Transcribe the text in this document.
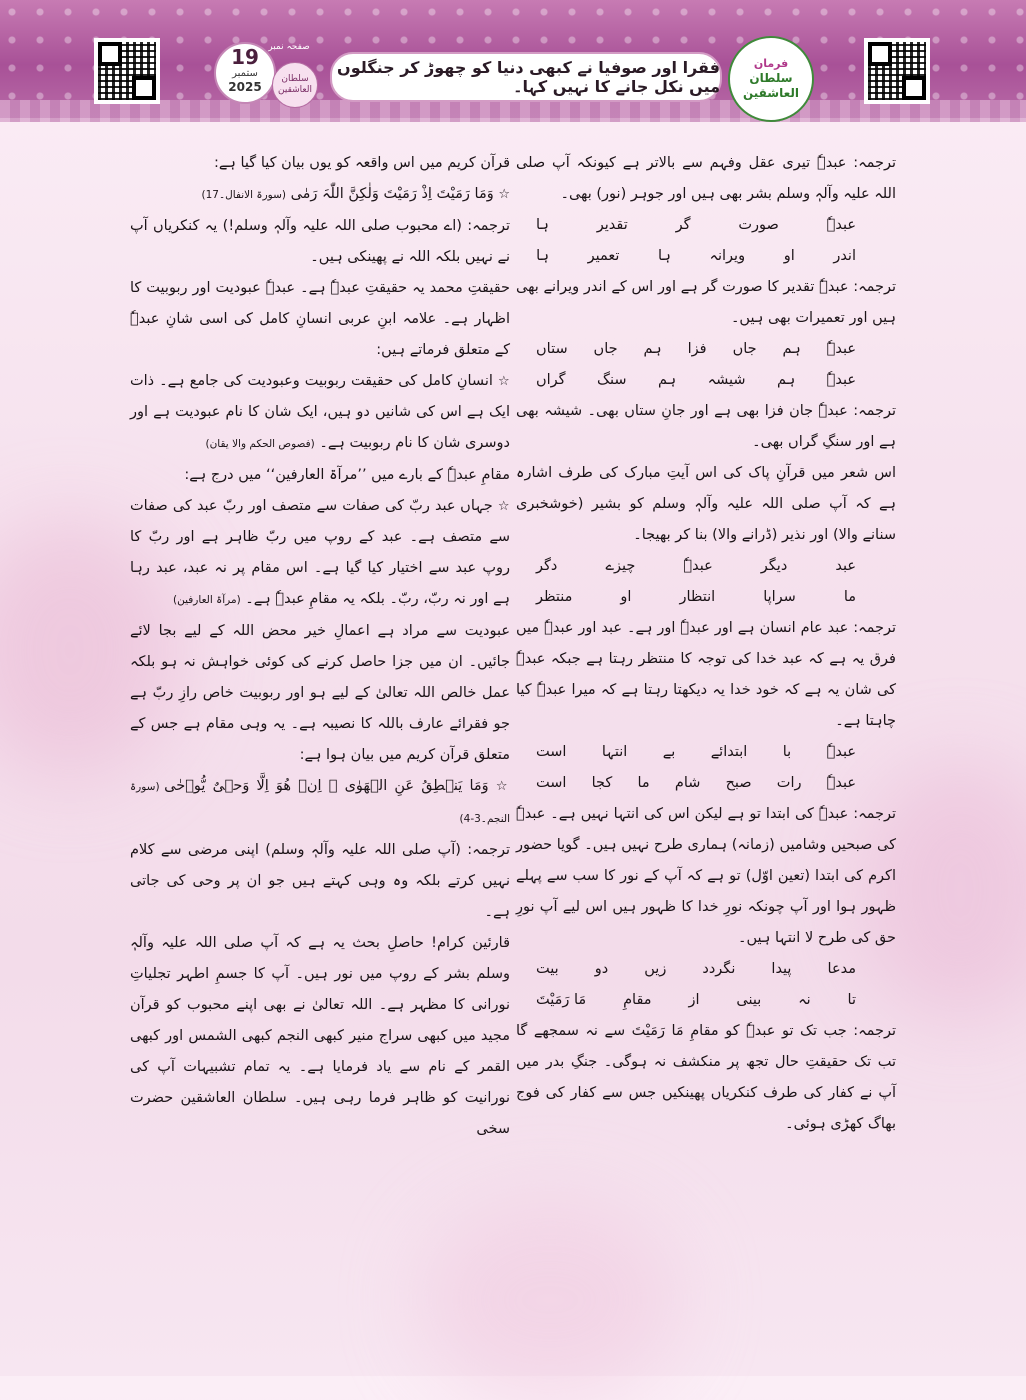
19
ستمبر
2025
صفحہ نمبر
سلطان العاشقین
فقرا اور صوفیا نے کبھی دنیا کو چھوڑ کر جنگلوں میں نکل جانے کا نہیں کہا۔
فرمان
سلطان العاشقین

ترجمہ: عبدہٗ تیری عقل وفہم سے بالاتر ہے کیونکہ آپ صلی اللہ علیہ وآلہٖ وسلم بشر بھی ہیں اور جوہر (نور) بھی۔

عبدہٗ
صورت
گر
تقدیر
ہا
اندر
او
ویرانہ
ہا
تعمیر
ہا

ترجمہ: عبدہٗ تقدیر کا صورت گر ہے اور اس کے اندر ویرانے بھی ہیں اور تعمیرات بھی ہیں۔

عبدہٗ
ہم
جاں
فزا
ہم
جاں
ستاں
عبدہٗ
ہم
شیشہ
ہم
سنگ
گراں

ترجمہ: عبدہٗ جان فزا بھی ہے اور جانِ ستاں بھی۔ شیشہ بھی ہے اور سنگِ گراں بھی۔

اس شعر میں قرآنِ پاک کی اس آیتِ مبارک کی طرف اشارہ ہے کہ آپ صلی اللہ علیہ وآلہٖ وسلم کو بشیر (خوشخبری سنانے والا) اور نذیر (ڈرانے والا) بنا کر بھیجا۔

عبد
دیگر
عبدہٗ
چیزے
دگر
ما
سراپا
انتظار
او
منتظر

ترجمہ: عبد عام انسان ہے اور عبدہٗ اور ہے۔ عبد اور عبدہٗ میں فرق یہ ہے کہ عبد خدا کی توجہ کا منتظر رہتا ہے جبکہ عبدہٗ کی شان یہ ہے کہ خود خدا یہ دیکھتا رہتا ہے کہ میرا عبدہٗ کیا چاہتا ہے۔

عبدہٗ
با
ابتدائے
بے
انتہا
است
عبدہٗ
رات
صبح
شام
ما
کجا
است

ترجمہ: عبدہٗ کی ابتدا تو ہے لیکن اس کی انتہا نہیں ہے۔ عبدہٗ کی صبحیں وشامیں (زمانہ) ہماری طرح نہیں ہیں۔ گویا حضور اکرم کی ابتدا (تعین اوّل) تو ہے کہ آپ کے نور کا سب سے پہلے ظہور ہوا اور آپ چونکہ نورِ خدا کا ظہور ہیں اس لیے آپ نورِ حق کی طرح لا انتہا ہیں۔

مدعا
پیدا
نگردد
زیں
دو
بیت
تا
نہ
بینی
از
مقامِ
مَا رَمَیْتَ

ترجمہ: جب تک تو عبدہٗ کو مقامِ مَا رَمَیْتَ سے نہ سمجھے گا تب تک حقیقتِ حال تجھ پر منکشف نہ ہوگی۔ جنگِ بدر میں آپ نے کفار کی طرف کنکریاں پھینکیں جس سے کفار کی فوج بھاگ کھڑی ہوئی۔

قرآن کریم میں اس واقعہ کو یوں بیان کیا گیا ہے:

☆ وَمَا رَمَیْتَ اِذْ رَمَیْتَ وَلٰکِنَّ اللّٰہَ رَمٰی (سورۃ الانفال۔17)

ترجمہ: (اے محبوب صلی اللہ علیہ وآلہٖ وسلم!) یہ کنکریاں آپ نے نہیں بلکہ اللہ نے پھینکی ہیں۔

حقیقتِ محمد یہ حقیقتِ عبدہٗ ہے۔ عبدہٗ عبودیت اور ربوبیت کا اظہار ہے۔ علامہ ابنِ عربی انسانِ کامل کی اسی شانِ عبدہٗ کے متعلق فرماتے ہیں:

☆ انسانِ کامل کی حقیقت ربوبیت وعبودیت کی جامع ہے۔ ذات ایک ہے اس کی شانیں دو ہیں، ایک شان کا نام عبودیت ہے اور دوسری شان کا نام ربوبیت ہے۔ (فصوص الحکم والا یقان)

مقامِ عبدہٗ کے بارے میں ’’مرآۃ العارفین‘‘ میں درج ہے:

☆ جہاں عبد ربّ کی صفات سے متصف اور ربّ عبد کی صفات سے متصف ہے۔ عبد کے روپ میں ربّ ظاہر ہے اور ربّ کا روپ عبد سے اختیار کیا گیا ہے۔ اس مقام پر نہ عبد، عبد رہا ہے اور نہ ربّ، ربّ۔ بلکہ یہ مقامِ عبدہٗ ہے۔ (مرآۃ العارفین)

عبودیت سے مراد ہے اعمالِ خیر محض اللہ کے لیے بجا لائے جائیں۔ ان میں جزا حاصل کرنے کی کوئی خواہش نہ ہو بلکہ عمل خالص اللہ تعالیٰ کے لیے ہو اور ربوبیت خاص رازِ ربّ ہے جو فقرائے عارف باللہ کا نصیبہ ہے۔ یہ وہی مقام ہے جس کے متعلق قرآن کریم میں بیان ہوا ہے:

☆ وَمَا یَنۡطِقُ عَنِ الۡھَوٰی ۞ اِنۡ ھُوَ اِلَّا وَحۡیٌ یُّوۡحٰی (سورۃ النجم۔3-4)

ترجمہ: (آپ صلی اللہ علیہ وآلہٖ وسلم) اپنی مرضی سے کلام نہیں کرتے بلکہ وہ وہی کہتے ہیں جو ان پر وحی کی جاتی ہے۔

قارئین کرام! حاصلِ بحث یہ ہے کہ آپ صلی اللہ علیہ وآلہٖ وسلم بشر کے روپ میں نور ہیں۔ آپ کا جسمِ اطہر تجلیاتِ نورانی کا مظہر ہے۔ اللہ تعالیٰ نے بھی اپنے محبوب کو قرآن مجید میں کبھی سراج منیر کبھی النجم کبھی الشمس اور کبھی القمر کے نام سے یاد فرمایا ہے۔ یہ تمام تشبیہات آپ کی نورانیت کو ظاہر فرما رہی ہیں۔ سلطان العاشقین حضرت سخی
